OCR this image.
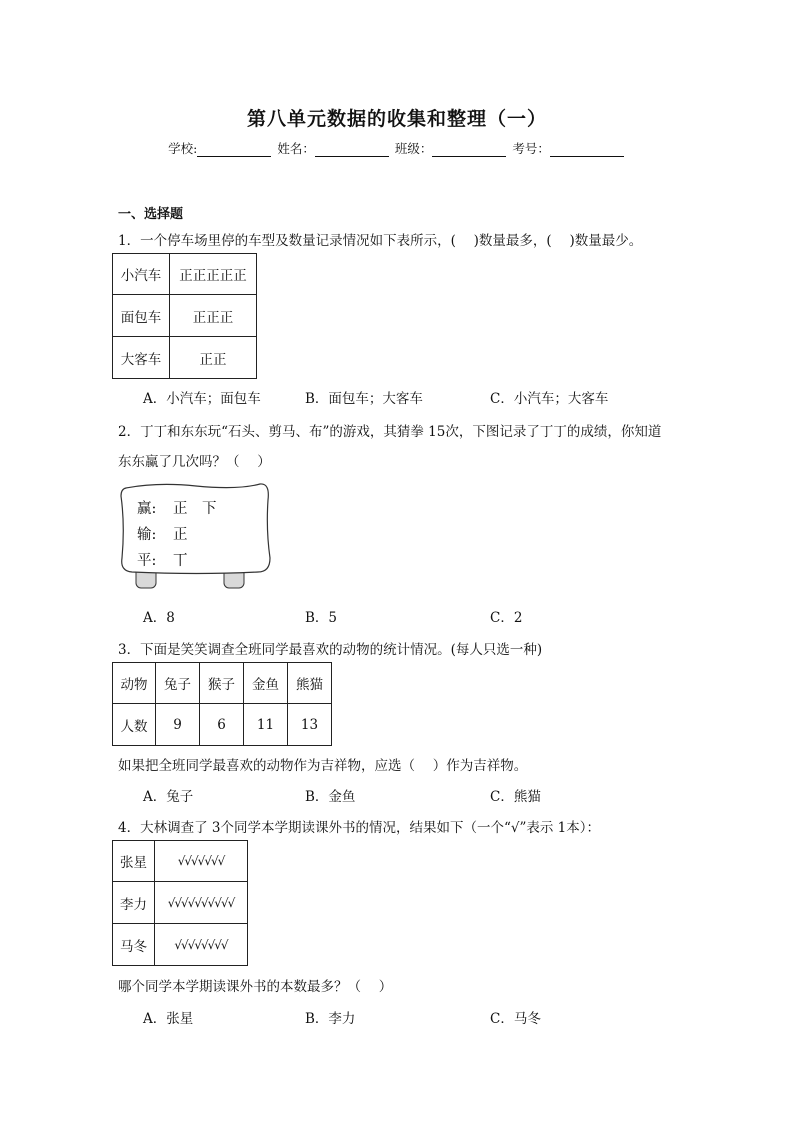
第八单元数据的收集和整理（一）
学校:	姓名：	班级：	考号：
一、选择题
1．一个停车场里停的车型及数量记录情况如下表所示，(　 )数量最多，(　 )数量最少。
小汽车	正正正正正
面包车	正正正
大客车	正正
A．小汽车；面包车	B．面包车；大客车	C．小汽车；大客车
2．丁丁和东东玩“石头、剪马、布”的游戏，其猜拳 15次，下图记录了丁丁的成绩，你知道
东东赢了几次吗？（　 ）
赢: 正　下
输: 正
平: 丅
A．8	B．5	C．2
3．下面是笑笑调查全班同学最喜欢的动物的统计情况。(每人只选一种)
动物	兔子	猴子	金鱼	熊猫
人数	9	6	11	13
如果把全班同学最喜欢的动物作为吉祥物，应选（　 ）作为吉祥物。
A．兔子	B．金鱼	C．熊猫
4．大林调查了 3个同学本学期读课外书的情况，结果如下（一个“√”表示 1本）：
张星	√√√√√√√
李力	√√√√√√√√√√
马冬	√√√√√√√√
哪个同学本学期读课外书的本数最多？（　 ）
A．张星	B．李力	C．马冬
